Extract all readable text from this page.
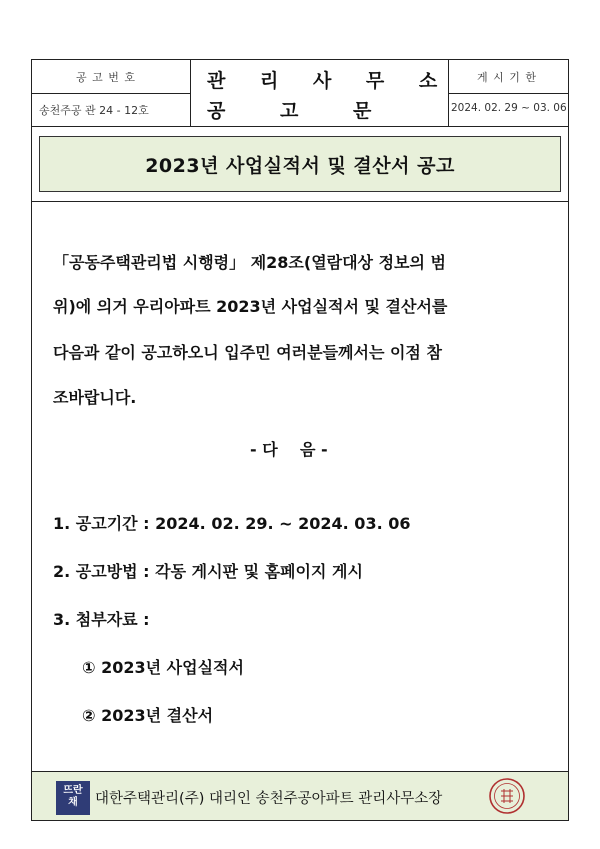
공 고 번 호
송천주공 관 24 - 12호
관 리 사 무 소
공 고 문
게 시 기 한
2024. 02. 29 ~ 03. 06
2023년 사업실적서 및 결산서 공고
「공동주택관리법 시행령」 제28조(열람대상 정보의 범
위)에 의거 우리아파트 2023년 사업실적서 및 결산서를
다음과 같이 공고하오니 입주민 여러분들께서는 이점 참
조바랍니다.
- 다    음 -
1. 공고기간 : 2024. 02. 29. ~ 2024. 03. 06
2. 공고방법 : 각동 게시판 및 홈페이지 게시
3. 첨부자료 :
① 2023년 사업실적서
② 2023년 결산서
뜨란채	대한주택관리(주) 대리인 송천주공아파트 관리사무소장
